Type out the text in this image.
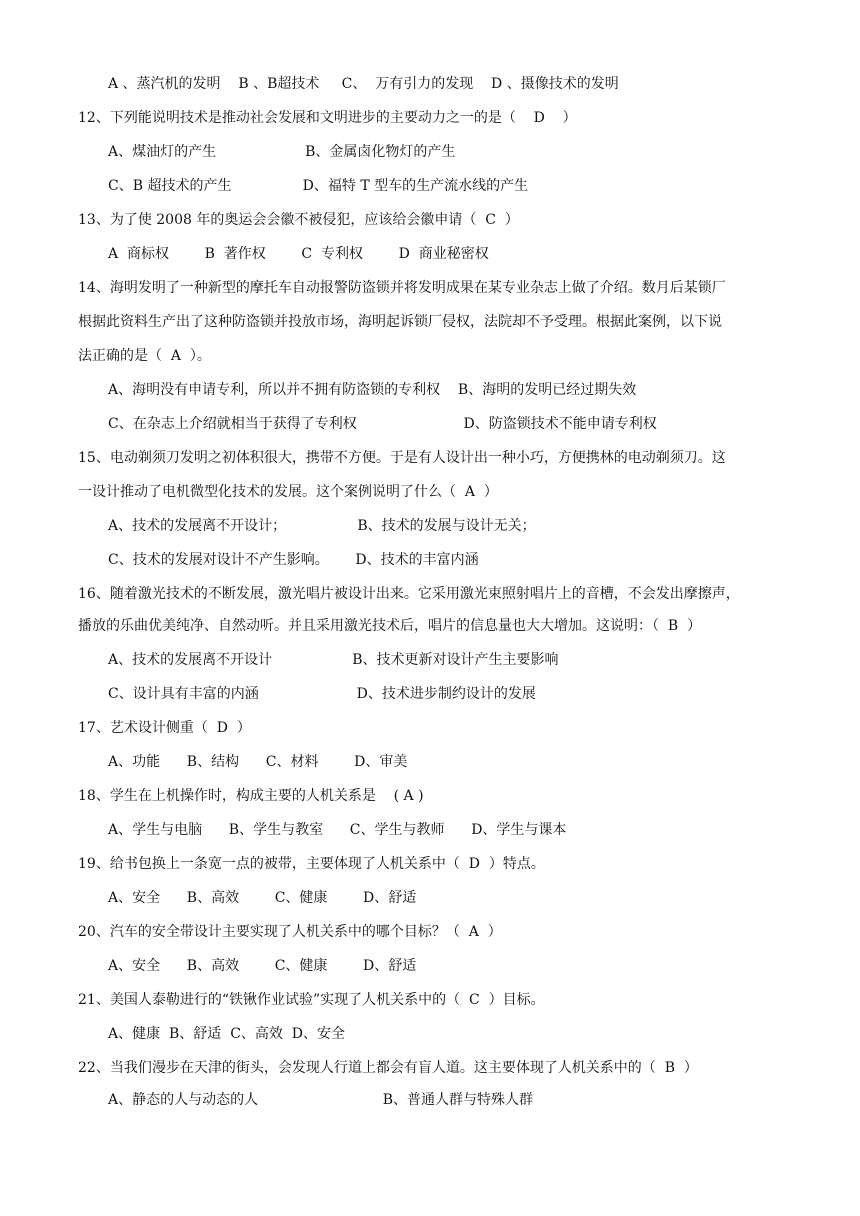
A 、蒸汽机的发明    B 、B超技术     C、  万有引力的发现    D 、摄像技术的发明
12、下列能说明技术是推动社会发展和文明进步的主要动力之一的是（    D    ）
A、煤油灯的产生                    B、金属卤化物灯的产生
C、B 超技术的产生                D、福特 T 型车的生产流水线的产生
13、为了使 2008 年的奥运会会徽不被侵犯，应该给会徽申请（  C  ）
A  商标权        B  著作权        C  专利权        D  商业秘密权
14、海明发明了一种新型的摩托车自动报警防盗锁并将发明成果在某专业杂志上做了介绍。数月后某锁厂
根据此资料生产出了这种防盗锁并投放市场，海明起诉锁厂侵权，法院却不予受理。根据此案例，以下说
法正确的是（  A  ）。
A、海明没有申请专利，所以并不拥有防盗锁的专利权    B、海明的发明已经过期失效
C、在杂志上介绍就相当于获得了专利权                        D、防盗锁技术不能申请专利权
15、电动剃须刀发明之初体积很大，携带不方便。于是有人设计出一种小巧，方便携林的电动剃须刀。这
一设计推动了电机微型化技术的发展。这个案例说明了什么（  A  ）
A、技术的发展离不开设计；                B、技术的发展与设计无关；
C、技术的发展对设计不产生影响。      D、技术的丰富内涵
16、随着激光技术的不断发展，激光唱片被设计出来。它采用激光束照射唱片上的音槽，不会发出摩擦声，
播放的乐曲优美纯净、自然动听。并且采用激光技术后，唱片的信息量也大大增加。这说明：（  B  ）
A、技术的发展离不开设计                  B、技术更新对设计产生主要影响
C、设计具有丰富的内涵                      D、技术进步制约设计的发展
17、艺术设计侧重（  D  ）
A、功能      B、结构      C、材料        D、审美
18、学生在上机操作时，构成主要的人机关系是    ( A )
A、学生与电脑      B、学生与教室      C、学生与教师      D、学生与课本
19、给书包换上一条宽一点的被带，主要体现了人机关系中（  D  ）特点。
A、安全      B、高效        C、健康        D、舒适
20、汽车的安全带设计主要实现了人机关系中的哪个目标？（  A  ）
A、安全      B、高效        C、健康        D、舒适
21、美国人泰勒进行的“铁锹作业试验”实现了人机关系中的（  C  ）目标。
A、健康  B、舒适  C、高效  D、安全
22、当我们漫步在天津的街头，会发现人行道上都会有盲人道。这主要体现了人机关系中的（  B  ）
A、静态的人与动态的人                            B、普通人群与特殊人群
